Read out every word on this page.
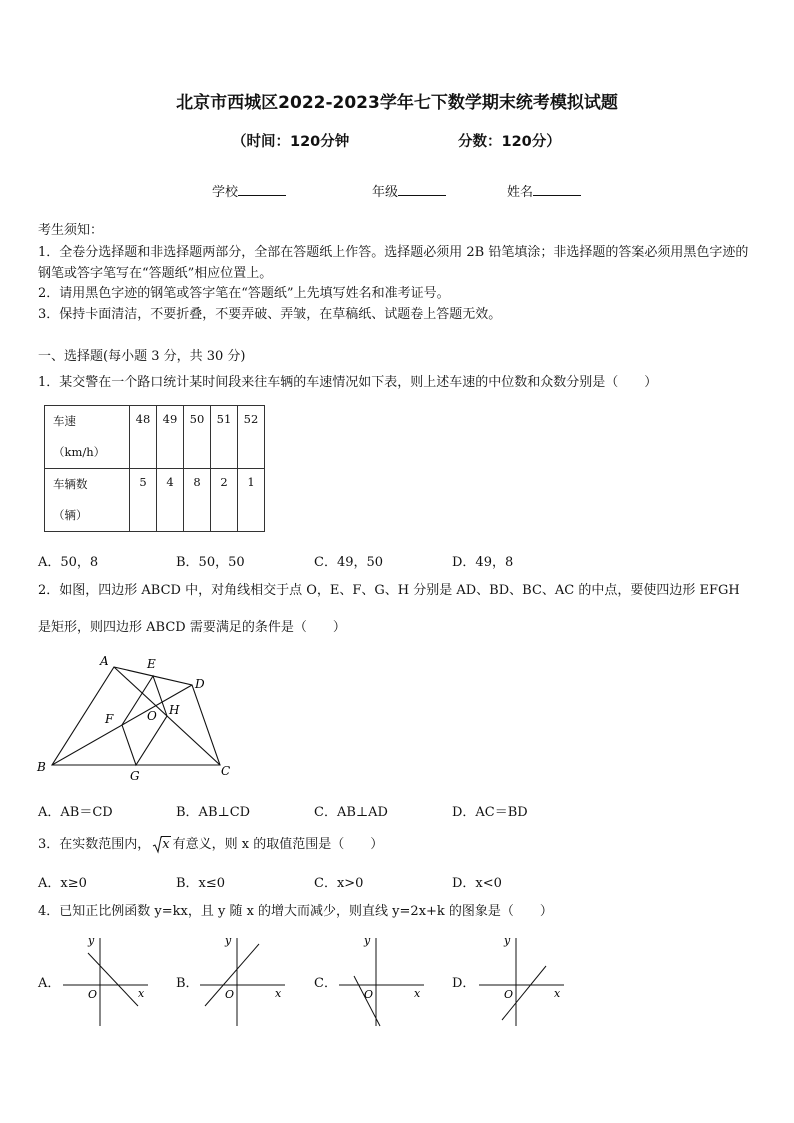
北京市西城区2022-2023学年七下数学期末统考模拟试题
（时间：120分钟	分数：120分）
学校	年级	姓名
考生须知：
1．全卷分选择题和非选择题两部分，全部在答题纸上作答。选择题必须用 2B 铅笔填涂；非选择题的答案必须用黑色字迹的钢笔或答字笔写在“答题纸”相应位置上。
2．请用黑色字迹的钢笔或答字笔在“答题纸”上先填写姓名和准考证号。
3．保持卡面清洁，不要折叠，不要弄破、弄皱，在草稿纸、试题卷上答题无效。
一、选择题(每小题 3 分，共 30 分)
1．某交警在一个路口统计某时间段来往车辆的车速情况如下表，则上述车速的中位数和众数分别是（　　）
车速
（km/h）	48	49	50	51	52
车辆数
（辆）	5	4	8	2	1
A．50，8	B．50，50	C．49，50	D．49，8
2．如图，四边形 ABCD 中，对角线相交于点 O，E、F、G、H 分别是 AD、BD、BC、AC 的中点，要使四边形 EFGH
是矩形，则四边形 ABCD 需要满足的条件是（　　）
A	E
D
F	O H
B
G	C
A．AB＝CD	B．AB⊥CD	C．AB⊥AD	D．AC＝BD
3．在实数范围内， x 有意义，则 x 的取值范围是（　　）
A．x≥0	B．x≤0	C．x>0	D．x<0
4．已知正比例函数 y=kx，且 y 随 x 的增大而减少，则直线 y=2x+k 的图象是（　　）
A．	B．	C．	D．
y
x
O
y
x
O
y
x
O
y
x
O
